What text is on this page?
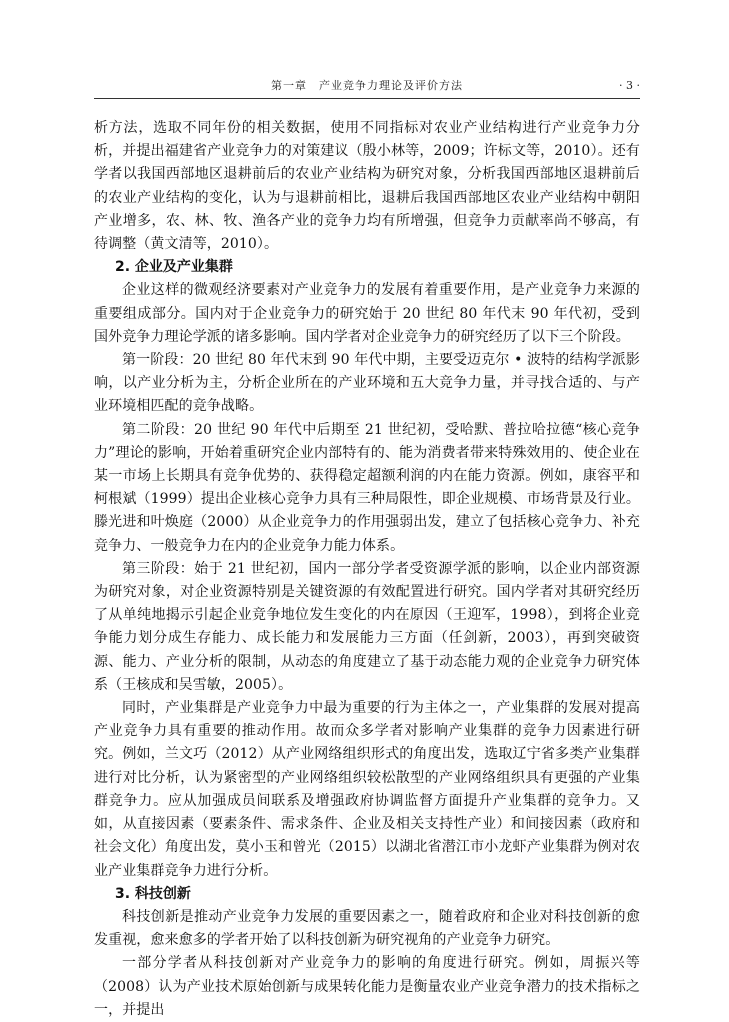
第一章　产业竞争力理论及评价方法	· 3 ·

析方法，选取不同年份的相关数据，使用不同指标对农业产业结构进行产业竞争力分析，并提出福建省产业竞争力的对策建议（殷小林等，2009；许标文等，2010）。还有学者以我国西部地区退耕前后的农业产业结构为研究对象，分析我国西部地区退耕前后的农业产业结构的变化，认为与退耕前相比，退耕后我国西部地区农业产业结构中朝阳产业增多，农、林、牧、渔各产业的竞争力均有所增强，但竞争力贡献率尚不够高，有待调整（黄文清等，2010）。

2. 企业及产业集群

企业这样的微观经济要素对产业竞争力的发展有着重要作用，是产业竞争力来源的重要组成部分。国内对于企业竞争力的研究始于 20 世纪 80 年代末 90 年代初，受到国外竞争力理论学派的诸多影响。国内学者对企业竞争力的研究经历了以下三个阶段。

第一阶段：20 世纪 80 年代末到 90 年代中期，主要受迈克尔 • 波特的结构学派影响，以产业分析为主，分析企业所在的产业环境和五大竞争力量，并寻找合适的、与产业环境相匹配的竞争战略。

第二阶段：20 世纪 90 年代中后期至 21 世纪初，受哈默、普拉哈拉德“核心竞争力”理论的影响，开始着重研究企业内部特有的、能为消费者带来特殊效用的、使企业在某一市场上长期具有竞争优势的、获得稳定超额利润的内在能力资源。例如，康容平和柯根斌（1999）提出企业核心竞争力具有三种局限性，即企业规模、市场背景及行业。滕光进和叶焕庭（2000）从企业竞争力的作用强弱出发，建立了包括核心竞争力、补充竞争力、一般竞争力在内的企业竞争力能力体系。

第三阶段：始于 21 世纪初，国内一部分学者受资源学派的影响，以企业内部资源为研究对象，对企业资源特别是关键资源的有效配置进行研究。国内学者对其研究经历了从单纯地揭示引起企业竞争地位发生变化的内在原因（王迎军，1998），到将企业竞争能力划分成生存能力、成长能力和发展能力三方面（任剑新，2003），再到突破资源、能力、产业分析的限制，从动态的角度建立了基于动态能力观的企业竞争力研究体系（王核成和吴雪敏，2005）。

同时，产业集群是产业竞争力中最为重要的行为主体之一，产业集群的发展对提高产业竞争力具有重要的推动作用。故而众多学者对影响产业集群的竞争力因素进行研究。例如，兰文巧（2012）从产业网络组织形式的角度出发，选取辽宁省多类产业集群进行对比分析，认为紧密型的产业网络组织较松散型的产业网络组织具有更强的产业集群竞争力。应从加强成员间联系及增强政府协调监督方面提升产业集群的竞争力。又如，从直接因素（要素条件、需求条件、企业及相关支持性产业）和间接因素（政府和社会文化）角度出发，莫小玉和曾光（2015）以湖北省潜江市小龙虾产业集群为例对农业产业集群竞争力进行分析。

3. 科技创新

科技创新是推动产业竞争力发展的重要因素之一，随着政府和企业对科技创新的愈发重视，愈来愈多的学者开始了以科技创新为研究视角的产业竞争力研究。

一部分学者从科技创新对产业竞争力的影响的角度进行研究。例如，周振兴等（2008）认为产业技术原始创新与成果转化能力是衡量农业产业竞争潜力的技术指标之一，并提出
